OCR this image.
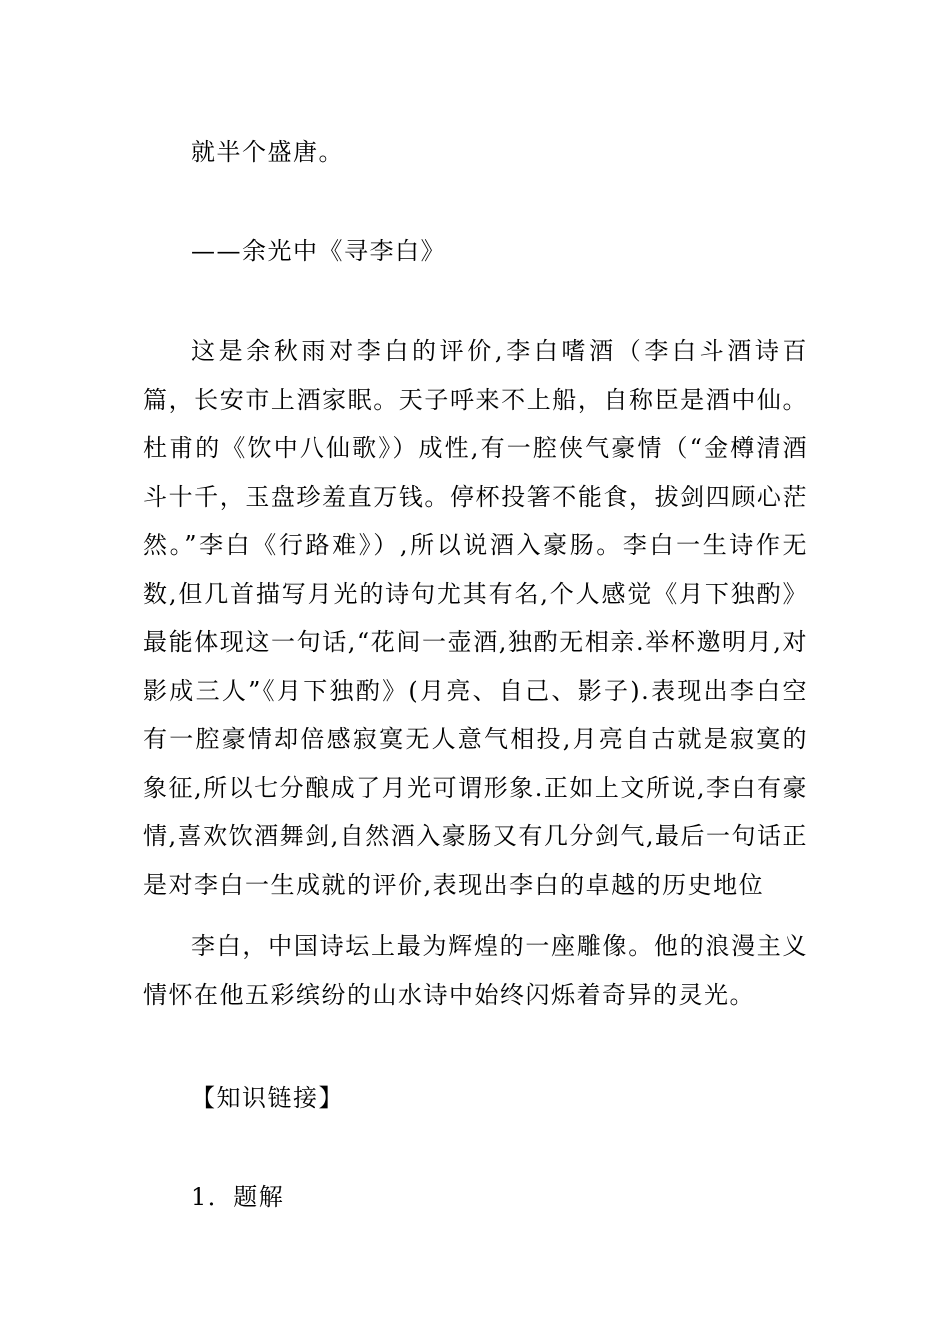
就半个盛唐。

——余光中《寻李白》

这是余秋雨对李白的评价,李白嗜酒（李白斗酒诗百篇，长安市上酒家眠。天子呼来不上船，自称臣是酒中仙。杜甫的《饮中八仙歌》）成性,有一腔侠气豪情（“金樽清酒斗十千，玉盘珍羞直万钱。停杯投箸不能食，拔剑四顾心茫然。”李白《行路难》）,所以说酒入豪肠。李白一生诗作无数,但几首描写月光的诗句尤其有名,个人感觉《月下独酌》最能体现这一句话,“花间一壶酒,独酌无相亲.举杯邀明月,对影成三人”《月下独酌》(月亮、自己、影子).表现出李白空有一腔豪情却倍感寂寞无人意气相投,月亮自古就是寂寞的象征,所以七分酿成了月光可谓形象.正如上文所说,李白有豪情,喜欢饮酒舞剑,自然酒入豪肠又有几分剑气,最后一句话正是对李白一生成就的评价,表现出李白的卓越的历史地位

李白，中国诗坛上最为辉煌的一座雕像。他的浪漫主义情怀在他五彩缤纷的山水诗中始终闪烁着奇异的灵光。

【知识链接】

1．题解
